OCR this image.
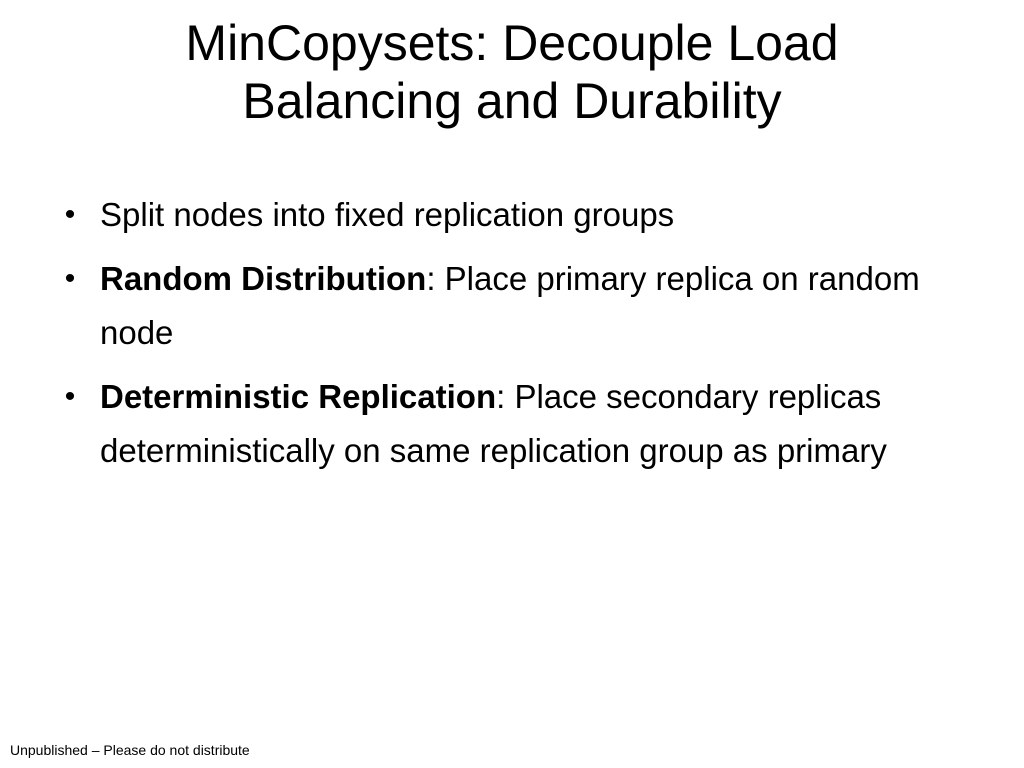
MinCopysets: Decouple Load
Balancing and Durability
• Split nodes into fixed replication groups
• Random Distribution: Place primary replica on random node
• Deterministic Replication: Place secondary replicas deterministically on same replication group as primary
Unpublished – Please do not distribute
